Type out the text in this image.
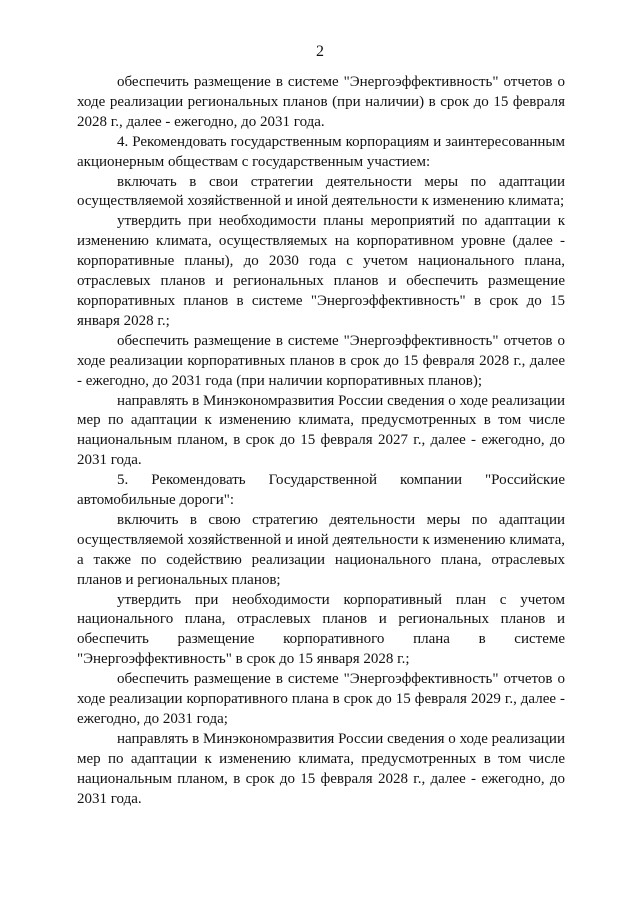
2

обеспечить размещение в системе "Энергоэффективность" отчетов о ходе реализации региональных планов (при наличии) в срок до 15 февраля 2028 г., далее - ежегодно, до 2031 года.

4. Рекомендовать государственным корпорациям и заинтересованным акционерным обществам с государственным участием:

включать в свои стратегии деятельности меры по адаптации осуществляемой хозяйственной и иной деятельности к изменению климата;

утвердить при необходимости планы мероприятий по адаптации к изменению климата, осуществляемых на корпоративном уровне (далее - корпоративные планы), до 2030 года с учетом национального плана, отраслевых планов и региональных планов и обеспечить размещение корпоративных планов в системе "Энергоэффективность" в срок до 15 января 2028 г.;

обеспечить размещение в системе "Энергоэффективность" отчетов о ходе реализации корпоративных планов в срок до 15 февраля 2028 г., далее - ежегодно, до 2031 года (при наличии корпоративных планов);

направлять в Минэкономразвития России сведения о ходе реализации мер по адаптации к изменению климата, предусмотренных в том числе национальным планом, в срок до 15 февраля 2027 г., далее - ежегодно, до 2031 года.

5. Рекомендовать Государственной компании "Российские автомобильные дороги":

включить в свою стратегию деятельности меры по адаптации осуществляемой хозяйственной и иной деятельности к изменению климата, а также по содействию реализации национального плана, отраслевых планов и региональных планов;

утвердить при необходимости корпоративный план с учетом национального плана, отраслевых планов и региональных планов и обеспечить размещение корпоративного плана в системе "Энергоэффективность" в срок до 15 января 2028 г.;

обеспечить размещение в системе "Энергоэффективность" отчетов о ходе реализации корпоративного плана в срок до 15 февраля 2029 г., далее - ежегодно, до 2031 года;

направлять в Минэкономразвития России сведения о ходе реализации мер по адаптации к изменению климата, предусмотренных в том числе национальным планом, в срок до 15 февраля 2028 г., далее - ежегодно, до 2031 года.
